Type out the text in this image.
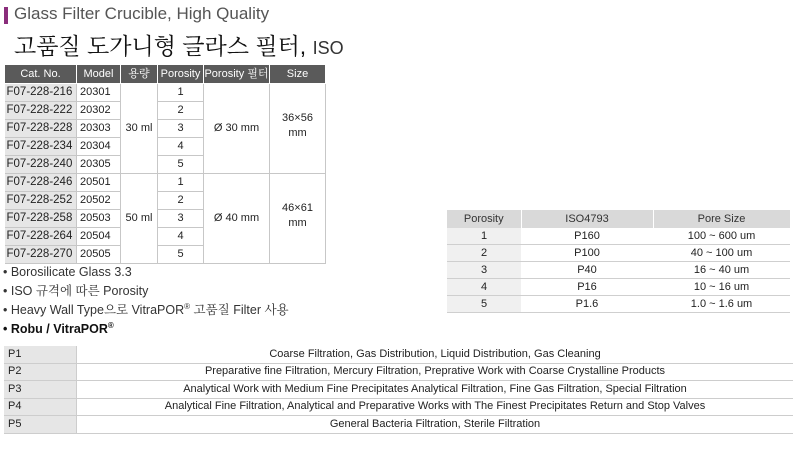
Glass Filter Crucible, High Quality
고품질 도가니형 글라스 필터, ISO
Cat. No.	Model	용량	Porosity	Porosity 필터	Size
F07-228-216	20301	30 ml	1	Ø 30 mm	36×56
mm
F07-228-222	20302		2		
F07-228-228	20303		3		
F07-228-234	20304		4		
F07-228-240	20305		5		
F07-228-246	20501	50 ml	1	Ø 40 mm	46×61
mm
F07-228-252	20502		2		
F07-228-258	20503		3		
F07-228-264	20504		4		
F07-228-270	20505		5		
• Borosilicate Glass 3.3
• ISO 규격에 따른 Porosity
• Heavy Wall Type으로 VitraPOR® 고품질 Filter 사용
• Robu / VitraPOR®
Porosity	ISO4793	Pore Size
1	P160	100 ~ 600 um
2	P100	40 ~ 100 um
3	P40	16 ~ 40 um
4	P16	10 ~ 16 um
5	P1.6	1.0 ~ 1.6 um
P1	Coarse Filtration, Gas Distribution, Liquid Distribution, Gas Cleaning
P2	Preparative fine Filtration, Mercury Filtration, Preprative Work with Coarse Crystalline Products
P3	Analytical Work with Medium Fine Precipitates Analytical Filtration, Fine Gas Filtration, Special Filtration
P4	Analytical Fine Filtration, Analytical and Preparative Works with The Finest Precipitates Return and Stop Valves
P5	General Bacteria Filtration, Sterile Filtration
